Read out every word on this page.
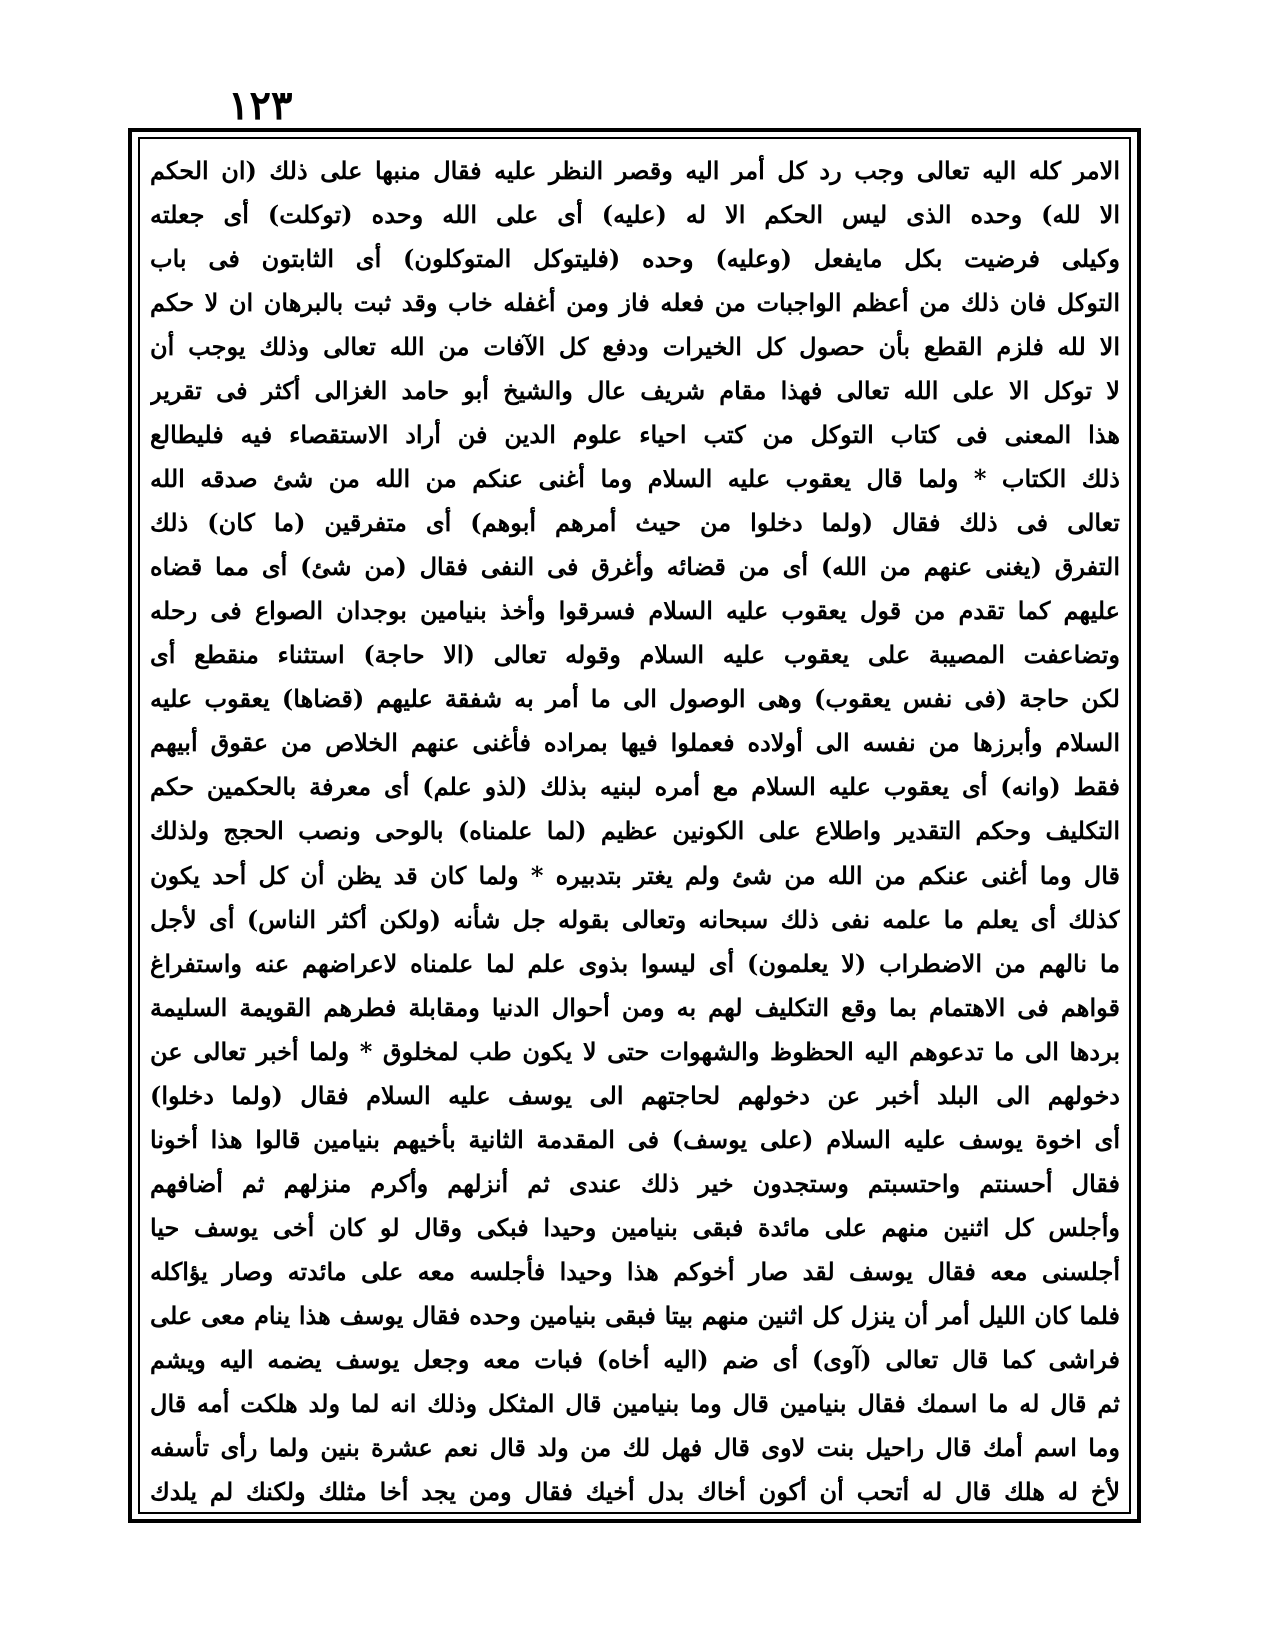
١٢٣
الامر كله اليه تعالى وجب رد كل أمر اليه وقصر النظر عليه فقال منبها على ذلك (ان الحكم
الا لله) وحده الذى ليس الحكم الا له (عليه) أى على الله وحده (توكلت) أى جعلته
وكيلى فرضيت بكل مايفعل (وعليه) وحده (فليتوكل المتوكلون) أى الثابتون فى باب
التوكل فان ذلك من أعظم الواجبات من فعله فاز ومن أغفله خاب وقد ثبت بالبرهان ان لا حكم
الا لله فلزم القطع بأن حصول كل الخيرات ودفع كل الآفات من الله تعالى وذلك يوجب أن
لا توكل الا على الله تعالى فهذا مقام شريف عال والشيخ أبو حامد الغزالى أكثر فى تقرير
هذا المعنى فى كتاب التوكل من كتب احياء علوم الدين فن أراد الاستقصاء فيه فليطالع
ذلك الكتاب * ولما قال يعقوب عليه السلام وما أغنى عنكم من الله من شئ صدقه الله
تعالى فى ذلك فقال (ولما دخلوا من حيث أمرهم أبوهم) أى متفرقين (ما كان) ذلك
التفرق (يغنى عنهم من الله) أى من قضائه وأغرق فى النفى فقال (من شئ) أى مما قضاه
عليهم كما تقدم من قول يعقوب عليه السلام فسرقوا وأخذ بنيامين بوجدان الصواع فى رحله
وتضاعفت المصيبة على يعقوب عليه السلام وقوله تعالى (الا حاجة) استثناء منقطع أى
لكن حاجة (فى نفس يعقوب) وهى الوصول الى ما أمر به شفقة عليهم (قضاها) يعقوب عليه
السلام وأبرزها من نفسه الى أولاده فعملوا فيها بمراده فأغنى عنهم الخلاص من عقوق أبيهم
فقط (وانه) أى يعقوب عليه السلام مع أمره لبنيه بذلك (لذو علم) أى معرفة بالحكمين حكم
التكليف وحكم التقدير واطلاع على الكونين عظيم (لما علمناه) بالوحى ونصب الحجج ولذلك
قال وما أغنى عنكم من الله من شئ ولم يغتر بتدبيره * ولما كان قد يظن أن كل أحد يكون
كذلك أى يعلم ما علمه نفى ذلك سبحانه وتعالى بقوله جل شأنه (ولكن أكثر الناس) أى لأجل
ما نالهم من الاضطراب (لا يعلمون) أى ليسوا بذوى علم لما علمناه لاعراضهم عنه واستفراغ
قواهم فى الاهتمام بما وقع التكليف لهم به ومن أحوال الدنيا ومقابلة فطرهم القويمة السليمة
بردها الى ما تدعوهم اليه الحظوظ والشهوات حتى لا يكون طب لمخلوق * ولما أخبر تعالى عن
دخولهم الى البلد أخبر عن دخولهم لحاجتهم الى يوسف عليه السلام فقال (ولما دخلوا)
أى اخوة يوسف عليه السلام (على يوسف) فى المقدمة الثانية بأخيهم بنيامين قالوا هذا أخونا
فقال أحسنتم واحتسبتم وستجدون خير ذلك عندى ثم أنزلهم وأكرم منزلهم ثم أضافهم
وأجلس كل اثنين منهم على مائدة فبقى بنيامين وحيدا فبكى وقال لو كان أخى يوسف حيا
أجلسنى معه فقال يوسف لقد صار أخوكم هذا وحيدا فأجلسه معه على مائدته وصار يؤاكله
فلما كان الليل أمر أن ينزل كل اثنين منهم بيتا فبقى بنيامين وحده فقال يوسف هذا ينام معى على
فراشى كما قال تعالى (آوى) أى ضم (اليه أخاه) فبات معه وجعل يوسف يضمه اليه ويشم
ثم قال له ما اسمك فقال بنيامين قال وما بنيامين قال المثكل وذلك انه لما ولد هلكت أمه قال
وما اسم أمك قال راحيل بنت لاوى قال فهل لك من ولد قال نعم عشرة بنين ولما رأى تأسفه
لأخ له هلك قال له أتحب أن أكون أخاك بدل أخيك فقال ومن يجد أخا مثلك ولكنك لم يلدك
